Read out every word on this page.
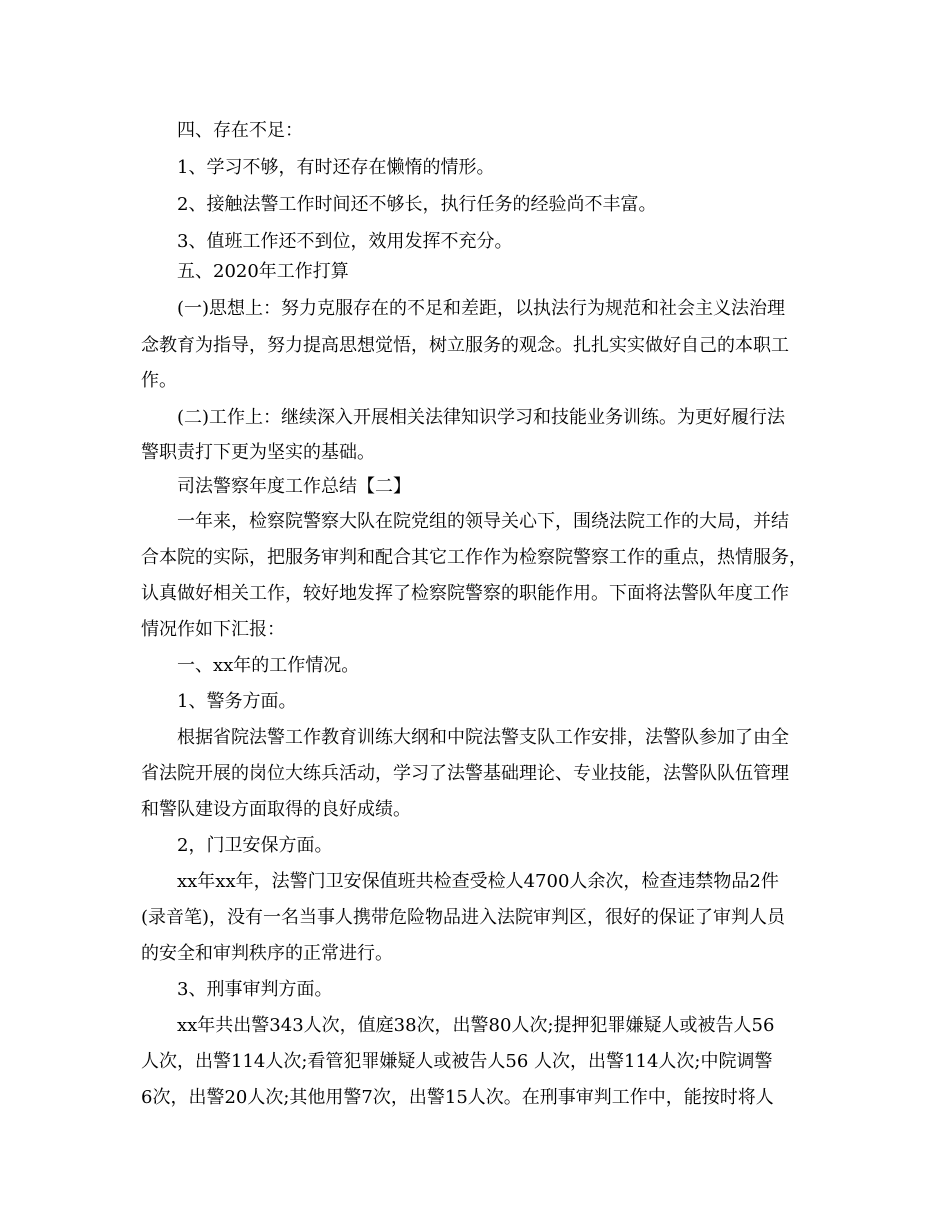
四、存在不足：
1、学习不够，有时还存在懒惰的情形。
2、接触法警工作时间还不够长，执行任务的经验尚不丰富。
3、值班工作还不到位，效用发挥不充分。
五、2020年工作打算
(一)思想上：努力克服存在的不足和差距，以执法行为规范和社会主义法治理
念教育为指导，努力提高思想觉悟，树立服务的观念。扎扎实实做好自己的本职工
作。
(二)工作上：继续深入开展相关法律知识学习和技能业务训练。为更好履行法
警职责打下更为坚实的基础。
司法警察年度工作总结【二】
一年来，检察院警察大队在院党组的领导关心下，围绕法院工作的大局，并结
合本院的实际，把服务审判和配合其它工作作为检察院警察工作的重点，热情服务，
认真做好相关工作，较好地发挥了检察院警察的职能作用。下面将法警队年度工作
情况作如下汇报：
一、xx年的工作情况。
1、警务方面。
根据省院法警工作教育训练大纲和中院法警支队工作安排，法警队参加了由全
省法院开展的岗位大练兵活动，学习了法警基础理论、专业技能，法警队队伍管理
和警队建设方面取得的良好成绩。
2，门卫安保方面。
xx年xx年，法警门卫安保值班共检查受检人4700人余次，检查违禁物品2件
(录音笔)，没有一名当事人携带危险物品进入法院审判区，很好的保证了审判人员
的安全和审判秩序的正常进行。
3、刑事审判方面。
xx年共出警343人次，值庭38次，出警80人次;提押犯罪嫌疑人或被告人56
人次，出警114人次;看管犯罪嫌疑人或被告人56 人次，出警114人次;中院调警
6次，出警20人次;其他用警7次，出警15人次。在刑事审判工作中，能按时将人
